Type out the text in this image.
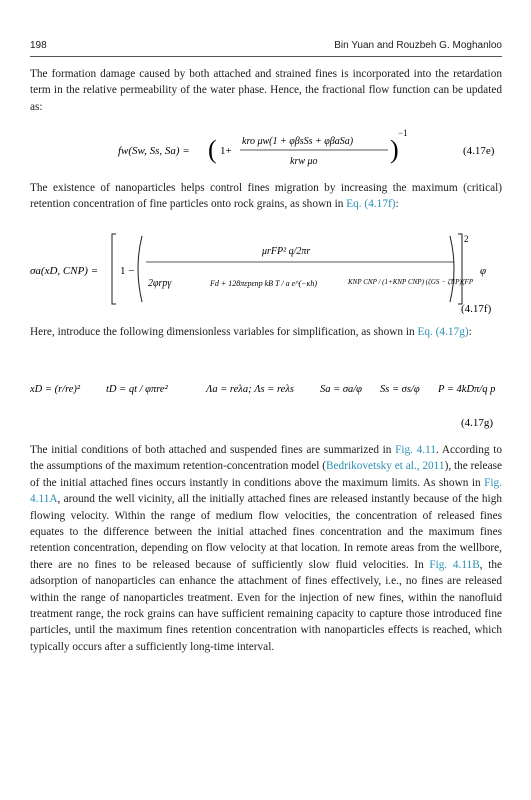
198	Bin Yuan and Rouzbeh G. Moghanloo

The formation damage caused by both attached and strained fines is incorporated into the retardation term in the relative permeability of the water phase. Hence, the fractional flow function can be updated as:

fw(Sw, Ss, Sa) = ( 1+
kro μw(1 + φβsSs + φβaSa)
krw μo	)
−1
(4.17e)

The existence of nanoparticles helps control fines migration by increasing the maximum (critical) retention concentration of fine particles onto rock grains, as shown in Eq. (4.17f):

σa(xD, CNP) = 1 −
μrFP² q/2πr
2φrpγ	Fd + 128πεpεnp kB T / a e^(−κh)	KNP CNP / (1+KNP CNP) (ζGS − ζNP)ζFP
2
φ
(4.17f)

Here, introduce the following dimensionless variables for simplification, as shown in Eq. (4.17g):

xD = (r/re)² tD = qt / φπre²	Λa = reλa; Λs = reλs Sa = σa/φ Ss = σs/φ P = 4kDπ/q p
(4.17g)

The initial conditions of both attached and suspended fines are summarized in Fig. 4.11. According to the assumptions of the maximum retention-concentration model (Bedrikovetsky et al., 2011), the release of the initial attached fines occurs instantly in conditions above the maximum limits. As shown in Fig. 4.11A, around the well vicinity, all the initially attached fines are released instantly because of the high flowing velocity. Within the range of medium flow velocities, the concentration of released fines equates to the difference between the initial attached fines concentration and the maximum fines retention concentration, depending on flow velocity at that location. In remote areas from the wellbore, there are no fines to be released because of sufficiently slow fluid velocities. In Fig. 4.11B, the adsorption of nanoparticles can enhance the attachment of fines effectively, i.e., no fines are released within the range of nanoparticles treatment. Even for the injection of new fines, within the nanofluid treatment range, the rock grains can have sufficient remaining capacity to capture those introduced fine particles, until the maximum fines retention concentration with nanoparticles effects is reached, which typically occurs after a sufficiently long-time interval.
